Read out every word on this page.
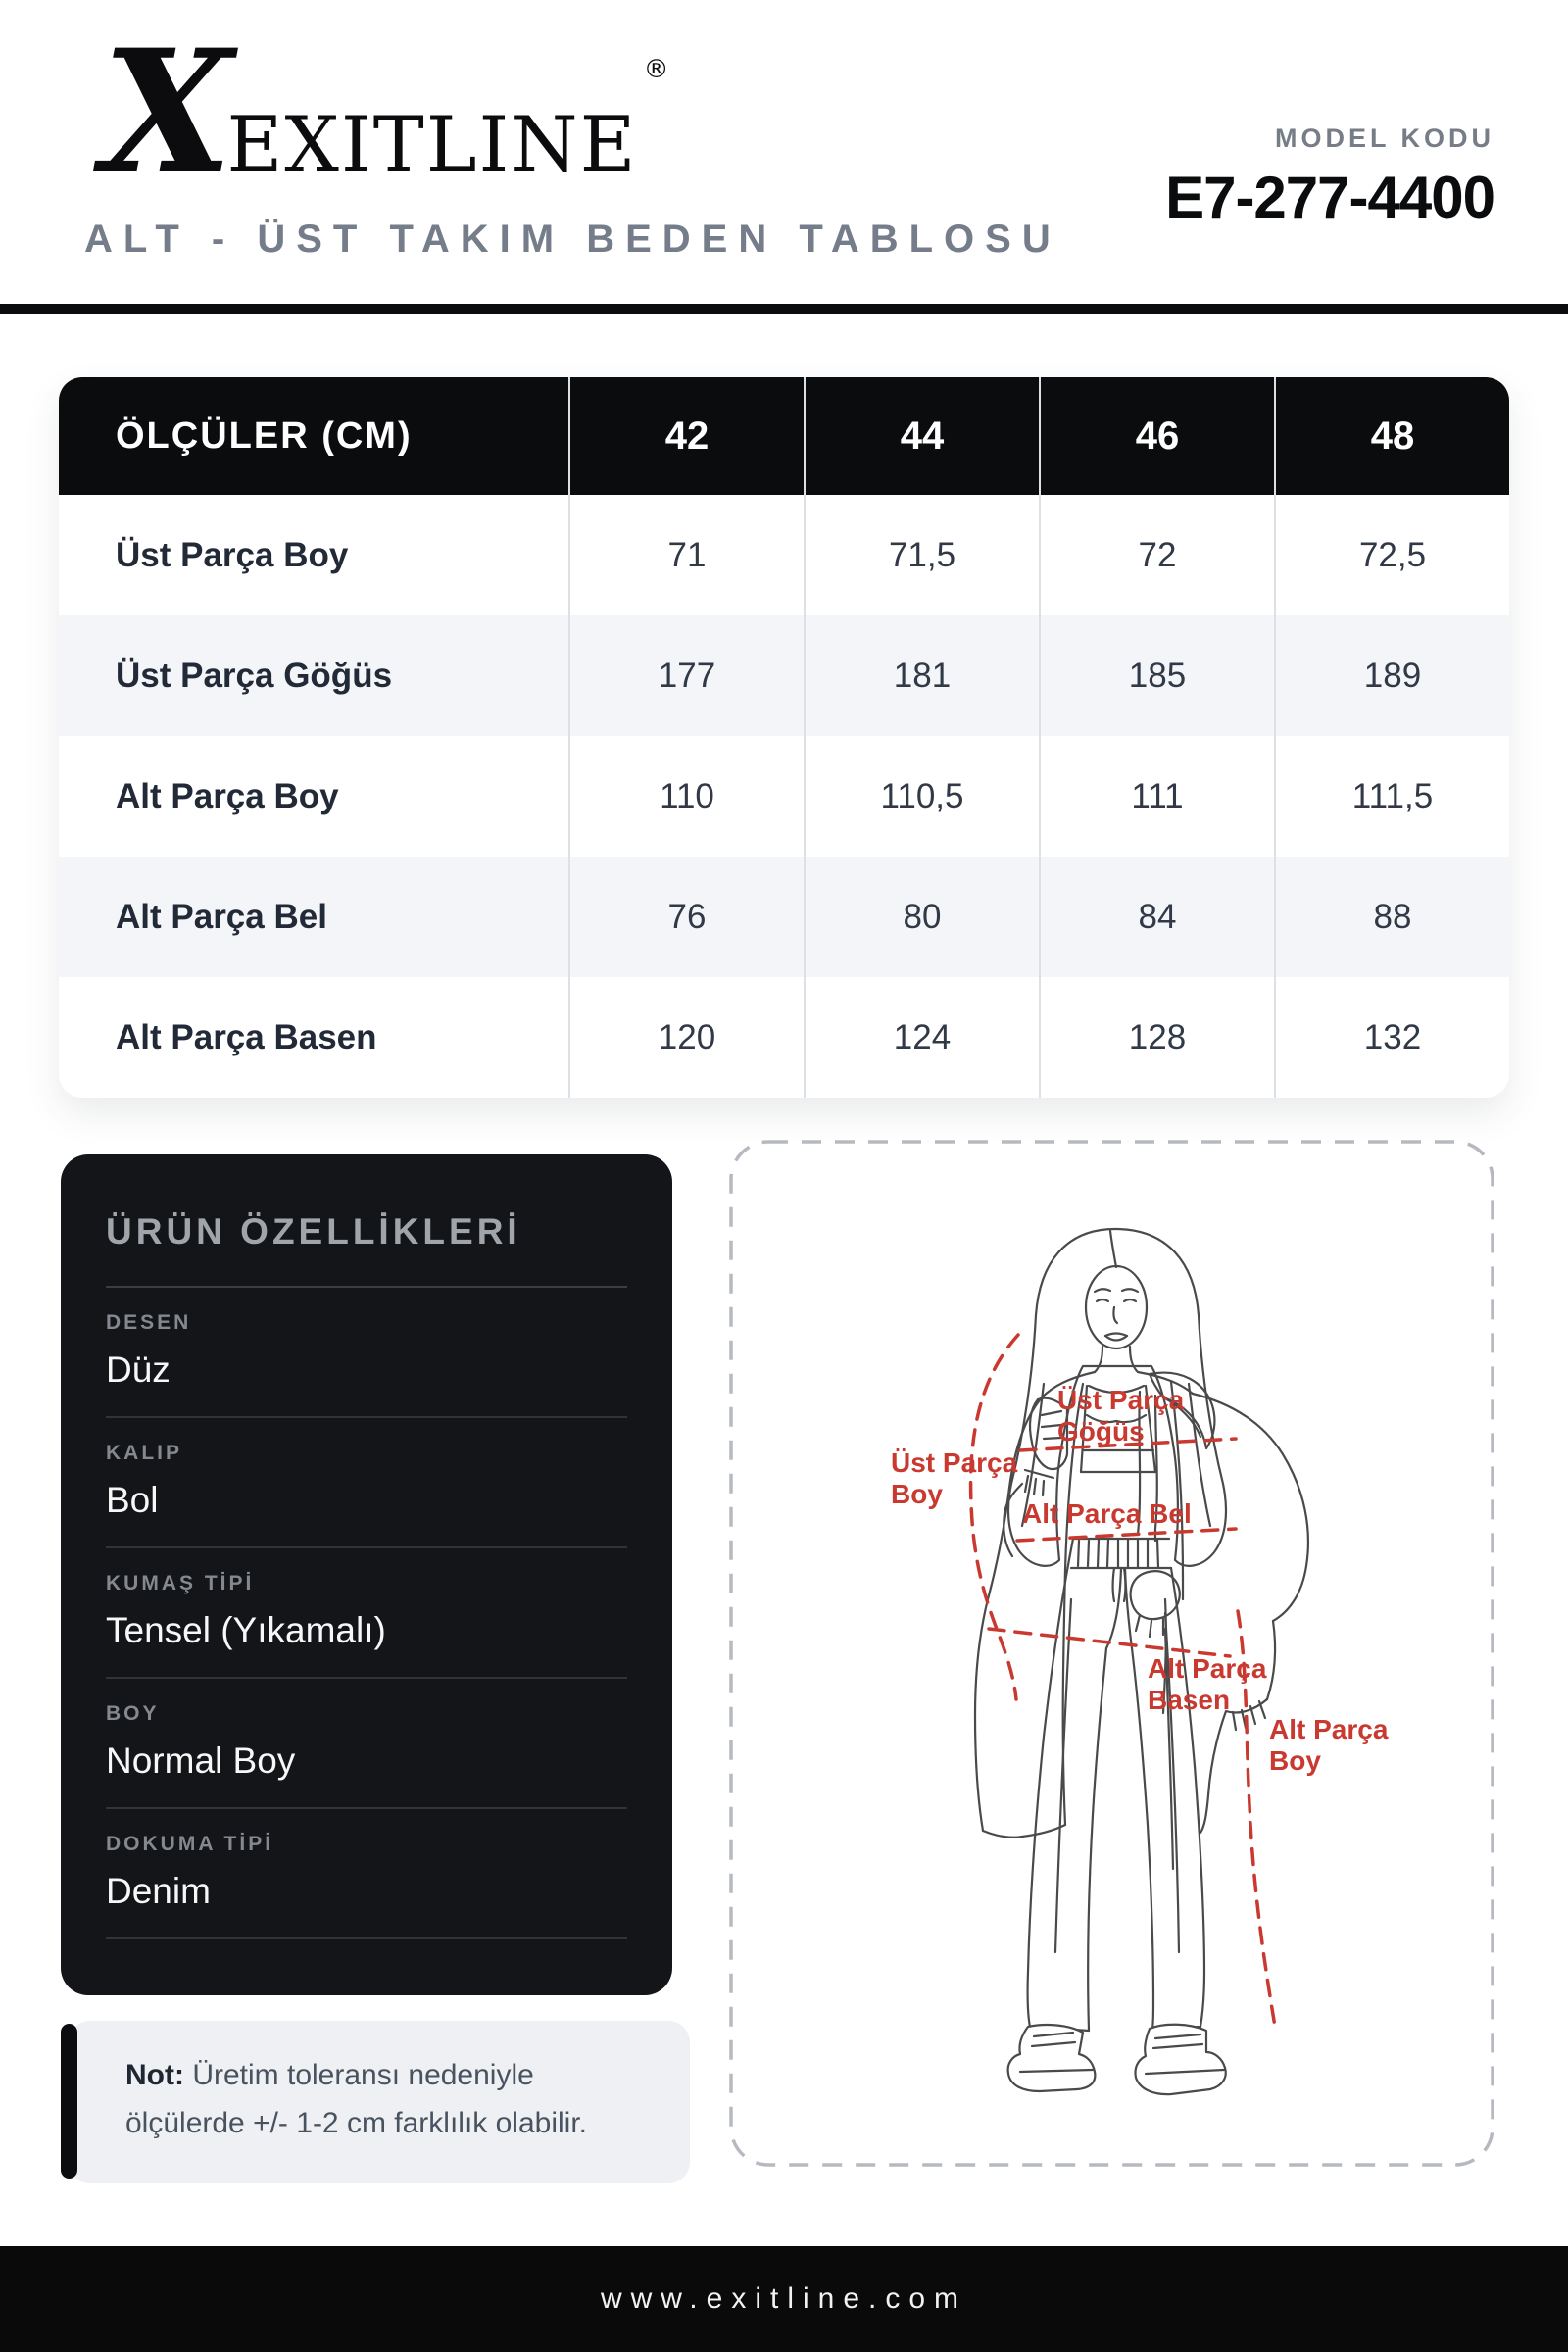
X
EXITLINE
®
ALT - ÜST TAKIM BEDEN TABLOSU
MODEL KODU
E7-277-4400
ÖLÇÜLER (CM)	42	44	46	48
Üst Parça Boy	71	71,5	72	72,5
Üst Parça Göğüs	177	181	185	189
Alt Parça Boy	110	110,5	111	111,5
Alt Parça Bel	76	80	84	88
Alt Parça Basen	120	124	128	132
ÜRÜN ÖZELLİKLERİ
DESEN
Düz
KALIP
Bol
KUMAŞ TİPİ
Tensel (Yıkamalı)
BOY
Normal Boy
DOKUMA TİPİ
Denim
Not: Üretim toleransı nedeniyle ölçülerde +/- 1-2 cm farklılık olabilir.
Üst Parça Göğüs
Üst Parça Boy
Alt Parça Bel
Alt Parça Basen
Alt Parça Boy
www.exitline.com
